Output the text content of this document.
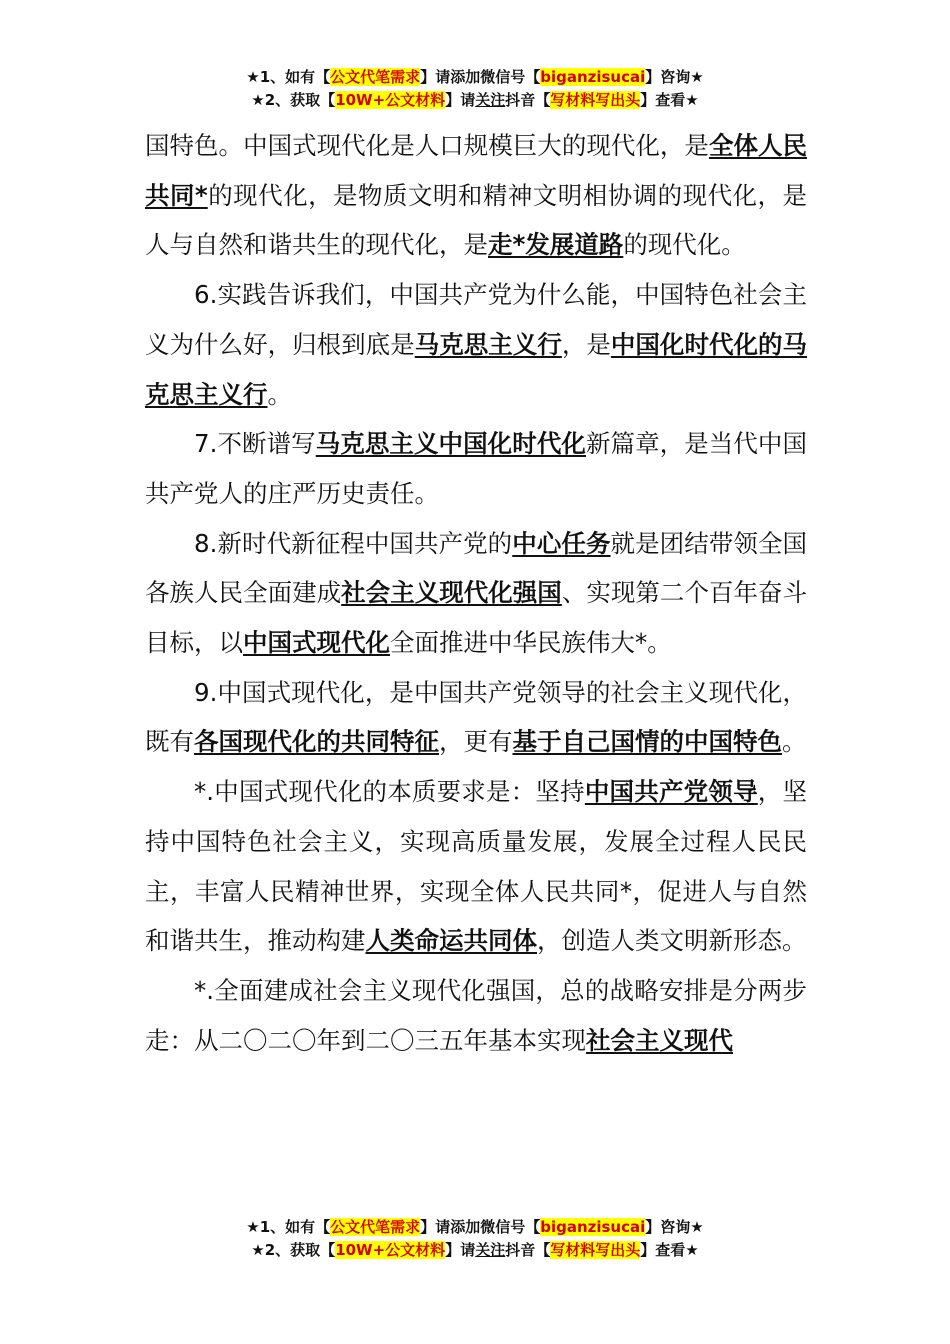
★1、如有【公文代笔需求】请添加微信号【biganzisucai】咨询★
★2、获取【10W+公文材料】请关注抖音【写材料写出头】查看★

国特色。中国式现代化是人口规模巨大的现代化，是全体人民共同*的现代化，是物质文明和精神文明相协调的现代化，是人与自然和谐共生的现代化，是走*发展道路的现代化。

6.实践告诉我们，中国共产党为什么能，中国特色社会主义为什么好，归根到底是马克思主义行，是中国化时代化的马克思主义行。

7.不断谱写马克思主义中国化时代化新篇章，是当代中国共产党人的庄严历史责任。

8.新时代新征程中国共产党的中心任务就是团结带领全国各族人民全面建成社会主义现代化强国、实现第二个百年奋斗目标，以中国式现代化全面推进中华民族伟大*。

9.中国式现代化，是中国共产党领导的社会主义现代化，既有各国现代化的共同特征，更有基于自己国情的中国特色。

*.中国式现代化的本质要求是：坚持中国共产党领导，坚持中国特色社会主义，实现高质量发展，发展全过程人民民主，丰富人民精神世界，实现全体人民共同*，促进人与自然和谐共生，推动构建人类命运共同体，创造人类文明新形态。

*.全面建成社会主义现代化强国，总的战略安排是分两步走：从二〇二〇年到二〇三五年基本实现社会主义现代

★1、如有【公文代笔需求】请添加微信号【biganzisucai】咨询★
★2、获取【10W+公文材料】请关注抖音【写材料写出头】查看★
